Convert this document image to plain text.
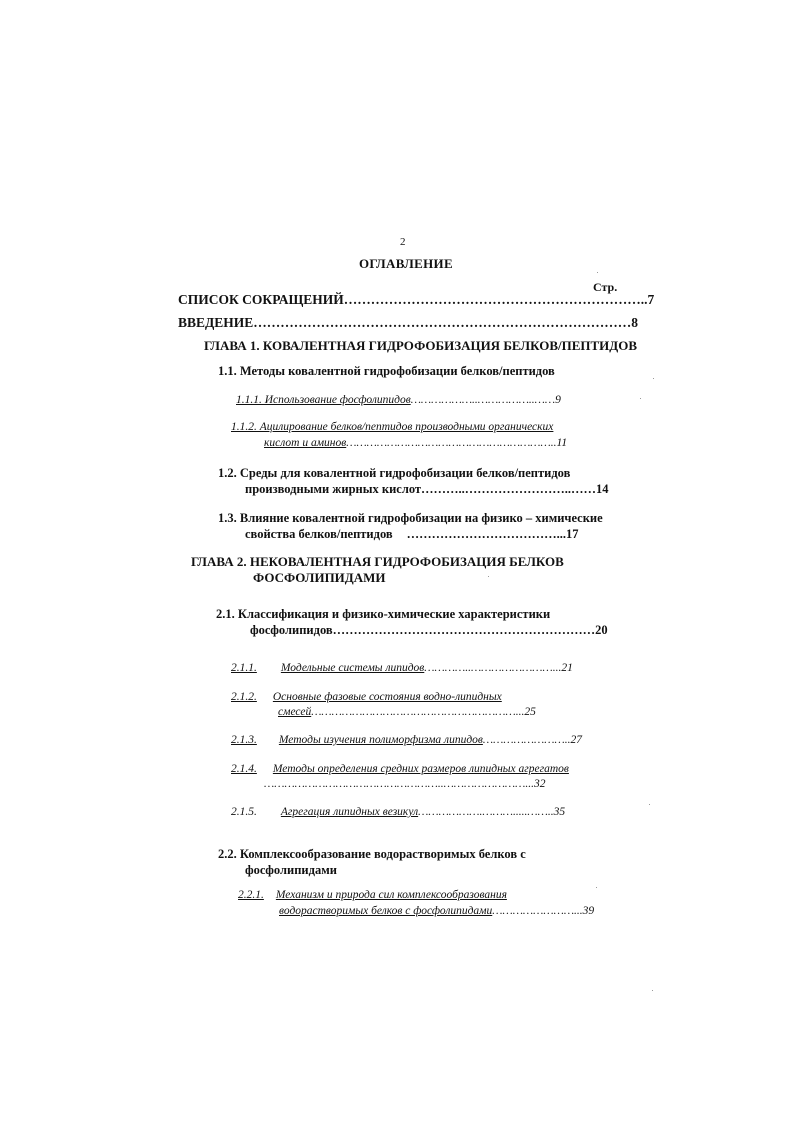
2
ОГЛАВЛЕНИЕ
Стр.
СПИСОК СОКРАЩЕНИЙ…………………………………………………………..7
ВВЕДЕНИЕ…………………………………………………………………………8
ГЛАВА 1. КОВАЛЕНТНАЯ ГИДРОФОБИЗАЦИЯ БЕЛКОВ/ПЕПТИДОВ
1.1. Методы ковалентной гидрофобизации белков/пептидов
1.1.1. Использование фосфолипидов………………..……………..……9
1.1.2. Ацилирование белков/пептидов производными органических
кислот и аминов……………………………………………………..11
1.2. Среды для ковалентной гидрофобизации белков/пептидов
производными жирных кислот………..……………………..……14
1.3. Влияние ковалентной гидрофобизации на физико – химические
свойства белков/пептидов ………………………………...17
ГЛАВА 2. НЕКОВАЛЕНТНАЯ ГИДРОФОБИЗАЦИЯ БЕЛКОВ
ФОСФОЛИПИДАМИ
2.1. Классификация и физико-химические характеристики
фосфолипидов………………………………………………………20
2.1.1. Модельные системы липидов…………..……………………...21
2.1.2. Основные фазовые состояния водно-липидных
смесей……………………………………………………...25
2.1.3. Методы изучения полиморфизма липидов……………………..27
2.1.4. Методы определения средних размеров липидных агрегатов
……………………………………………..……………………...32
2.1.5. Агрегация липидных везикул……………….……….....……..35
2.2. Комплексообразование водорастворимых белков с
фосфолипидами
2.2.1. Механизм и природа сил комплексообразования
водорастворимых белков с фосфолипидами……………………...39
